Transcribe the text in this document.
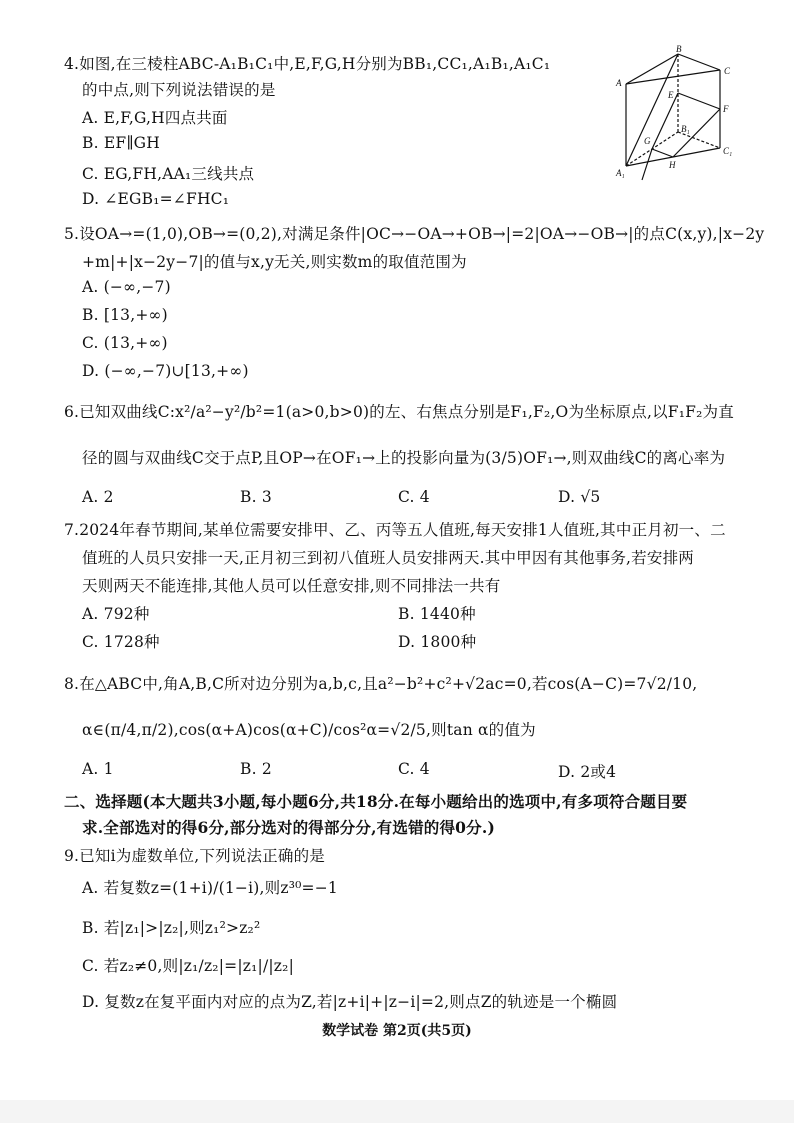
4.如图,在三棱柱ABC-A₁B₁C₁中,E,F,G,H分别为BB₁,CC₁,A₁B₁,A₁C₁
的中点,则下列说法错误的是
A. E,F,G,H四点共面
B. EF∥GH
C. EG,FH,AA₁三线共点
D. ∠EGB₁=∠FHC₁
B
A
C
E
F
G
B₁
A₁
H
C₁
5.设OA→=(1,0),OB→=(0,2),对满足条件|OC→−OA→+OB→|=2|OA→−OB→|的点C(x,y),|x−2y
+m|+|x−2y−7|的值与x,y无关,则实数m的取值范围为
A. (−∞,−7)
B. [13,+∞)
C. (13,+∞)
D. (−∞,−7)∪[13,+∞)
6.已知双曲线C:x²/a²−y²/b²=1(a>0,b>0)的左、右焦点分别是F₁,F₂,O为坐标原点,以F₁F₂为直
径的圆与双曲线C交于点P,且OP→在OF₁→上的投影向量为(3/5)OF₁→,则双曲线C的离心率为
A. 2	B. 3	C. 4	D. √5
7.2024年春节期间,某单位需要安排甲、乙、丙等五人值班,每天安排1人值班,其中正月初一、二
值班的人员只安排一天,正月初三到初八值班人员安排两天.其中甲因有其他事务,若安排两
天则两天不能连排,其他人员可以任意安排,则不同排法一共有
A. 792种	B. 1440种
C. 1728种	D. 1800种
8.在△ABC中,角A,B,C所对边分别为a,b,c,且a²−b²+c²+√2ac=0,若cos(A−C)=7√2/10,
α∈(π/4,π/2),cos(α+A)cos(α+C)/cos²α=√2/5,则tan α的值为
A. 1	B. 2	C. 4	D. 2或4
二、选择题(本大题共3小题,每小题6分,共18分.在每小题给出的选项中,有多项符合题目要
求.全部选对的得6分,部分选对的得部分分,有选错的得0分.)
9.已知i为虚数单位,下列说法正确的是
A. 若复数z=(1+i)/(1−i),则z³⁰=−1
B. 若|z₁|>|z₂|,则z₁²>z₂²
C. 若z₂≠0,则|z₁/z₂|=|z₁|/|z₂|
D. 复数z在复平面内对应的点为Z,若|z+i|+|z−i|=2,则点Z的轨迹是一个椭圆
数学试卷 第2页(共5页)
